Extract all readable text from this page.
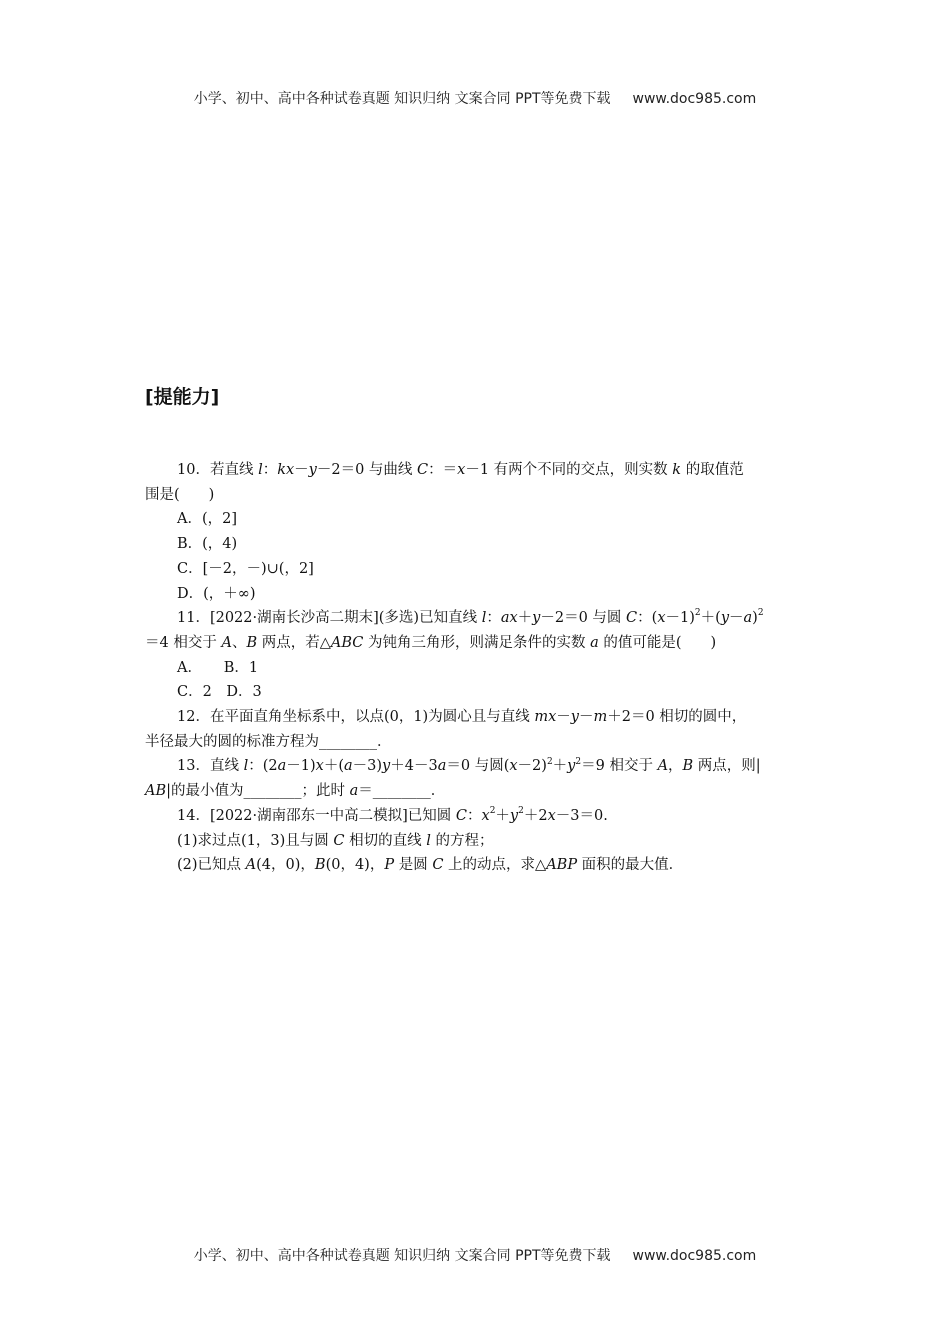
小学、初中、高中各种试卷真题 知识归纳 文案合同 PPT等免费下载 www.doc985.com
[提能力]

10．若直线 l：kx－y－2＝0 与曲线 C：＝x－1 有两个不同的交点，则实数 k 的取值范

围是(　　)

A．(，2]

B．(，4)

C．[－2，－)∪(，2]

D．(，＋∞)

11．[2022·湖南长沙高二期末](多选)已知直线 l：ax＋y－2＝0 与圆 C：$(x-1)^2+(y-a)^2$

＝4 相交于 A、B 两点，若△ABC 为钝角三角形，则满足条件的实数 a 的值可能是(　　)

A．　　B．1

C．2　D．3

12．在平面直角坐标系中，以点(0，1)为圆心且与直线 mx－y－m＋2＝0 相切的圆中，

半径最大的圆的标准方程为________．

13．直线 l：(2a－1)x＋(a－3)y＋4－3a＝0 与圆$(x-2)^2+y^2=9$ 相交于 A，B 两点，则|

AB|的最小值为________；此时 a＝________．

14．[2022·湖南邵东一中高二模拟]已知圆 C：$x^2+y^2+2x-3=0$.

(1)求过点(1，3)且与圆 C 相切的直线 l 的方程；

(2)已知点 A(4，0)，B(0，4)，P 是圆 C 上的动点，求△ABP 面积的最大值．

小学、初中、高中各种试卷真题 知识归纳 文案合同 PPT等免费下载 www.doc985.com
